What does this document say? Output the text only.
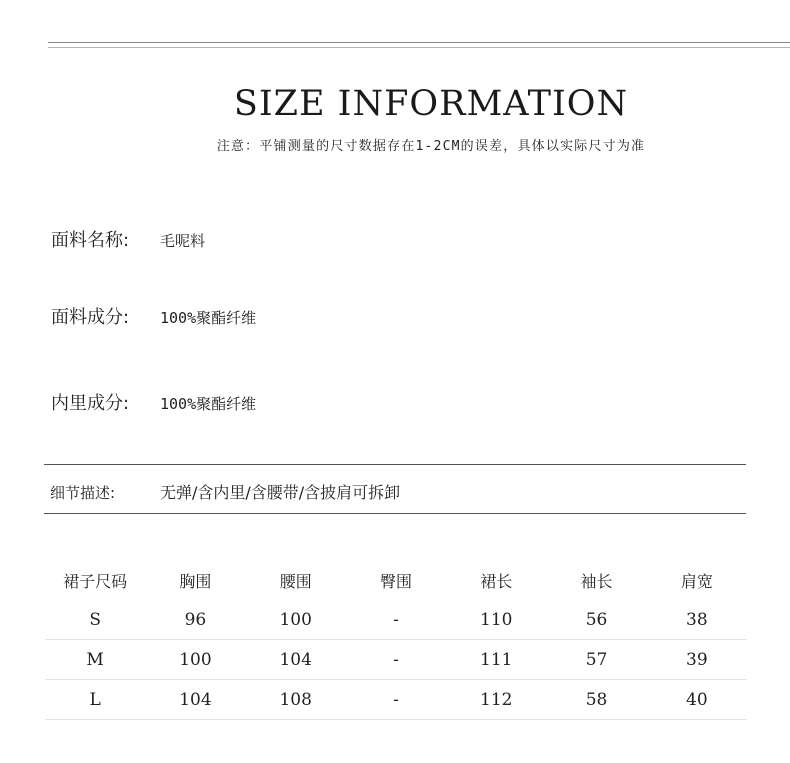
SIZE INFORMATION
注意：平铺测量的尺寸数据存在1-2CM的误差，具体以实际尺寸为准
面料名称:	毛呢料
面料成分:	100%聚酯纤维
内里成分:	100%聚酯纤维
细节描述:	无弹/含内里/含腰带/含披肩可拆卸
裙子尺码	胸围	腰围	臀围	裙长	袖长	肩宽
S	96	100	-	110	56	38
M	100	104	-	111	57	39
L	104	108	-	112	58	40
